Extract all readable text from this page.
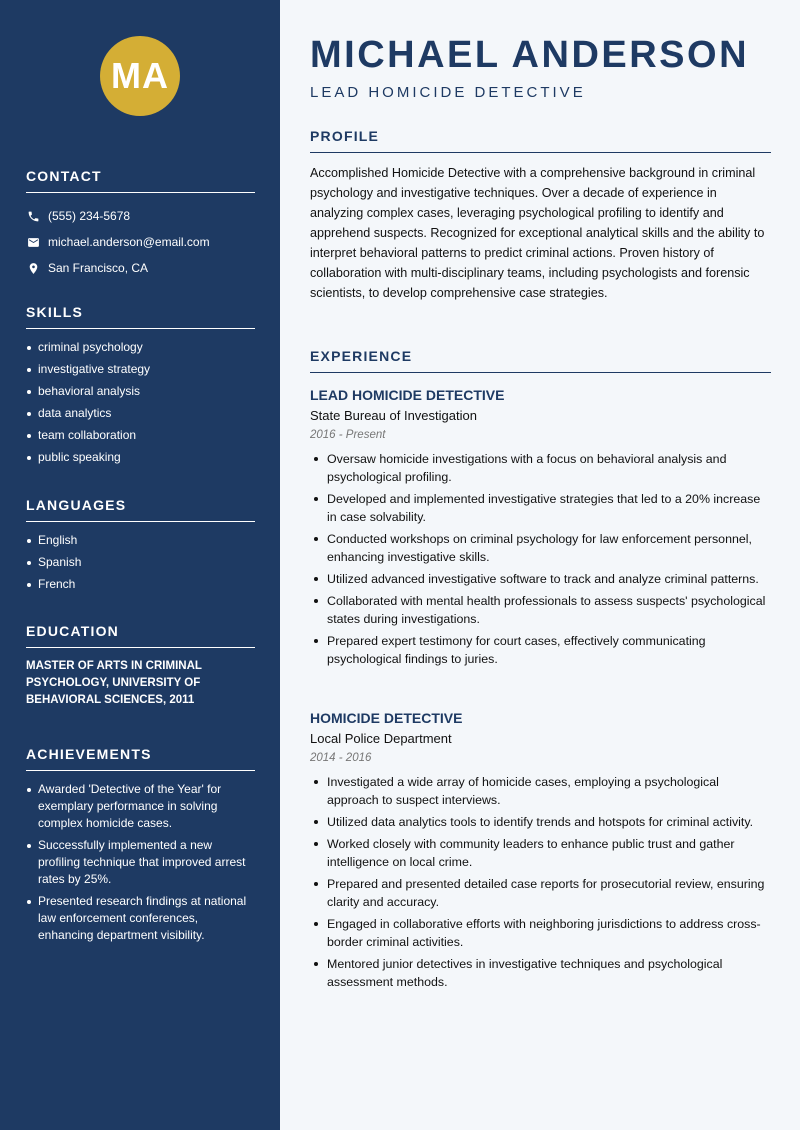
MA
CONTACT
(555) 234-5678
michael.anderson@email.com
San Francisco, CA
SKILLS
criminal psychology
investigative strategy
behavioral analysis
data analytics
team collaboration
public speaking
LANGUAGES
English
Spanish
French
EDUCATION
MASTER OF ARTS IN CRIMINAL PSYCHOLOGY, UNIVERSITY OF BEHAVIORAL SCIENCES, 2011
ACHIEVEMENTS
Awarded 'Detective of the Year' for exemplary performance in solving complex homicide cases.
Successfully implemented a new profiling technique that improved arrest rates by 25%.
Presented research findings at national law enforcement conferences, enhancing department visibility.
MICHAEL ANDERSON
LEAD HOMICIDE DETECTIVE
PROFILE
Accomplished Homicide Detective with a comprehensive background in criminal psychology and investigative techniques. Over a decade of experience in analyzing complex cases, leveraging psychological profiling to identify and apprehend suspects. Recognized for exceptional analytical skills and the ability to interpret behavioral patterns to predict criminal actions. Proven history of collaboration with multi-disciplinary teams, including psychologists and forensic scientists, to develop comprehensive case strategies.
EXPERIENCE
LEAD HOMICIDE DETECTIVE
State Bureau of Investigation
2016 - Present
Oversaw homicide investigations with a focus on behavioral analysis and psychological profiling.
Developed and implemented investigative strategies that led to a 20% increase in case solvability.
Conducted workshops on criminal psychology for law enforcement personnel, enhancing investigative skills.
Utilized advanced investigative software to track and analyze criminal patterns.
Collaborated with mental health professionals to assess suspects' psychological states during investigations.
Prepared expert testimony for court cases, effectively communicating psychological findings to juries.
HOMICIDE DETECTIVE
Local Police Department
2014 - 2016
Investigated a wide array of homicide cases, employing a psychological approach to suspect interviews.
Utilized data analytics tools to identify trends and hotspots for criminal activity.
Worked closely with community leaders to enhance public trust and gather intelligence on local crime.
Prepared and presented detailed case reports for prosecutorial review, ensuring clarity and accuracy.
Engaged in collaborative efforts with neighboring jurisdictions to address cross-border criminal activities.
Mentored junior detectives in investigative techniques and psychological assessment methods.
